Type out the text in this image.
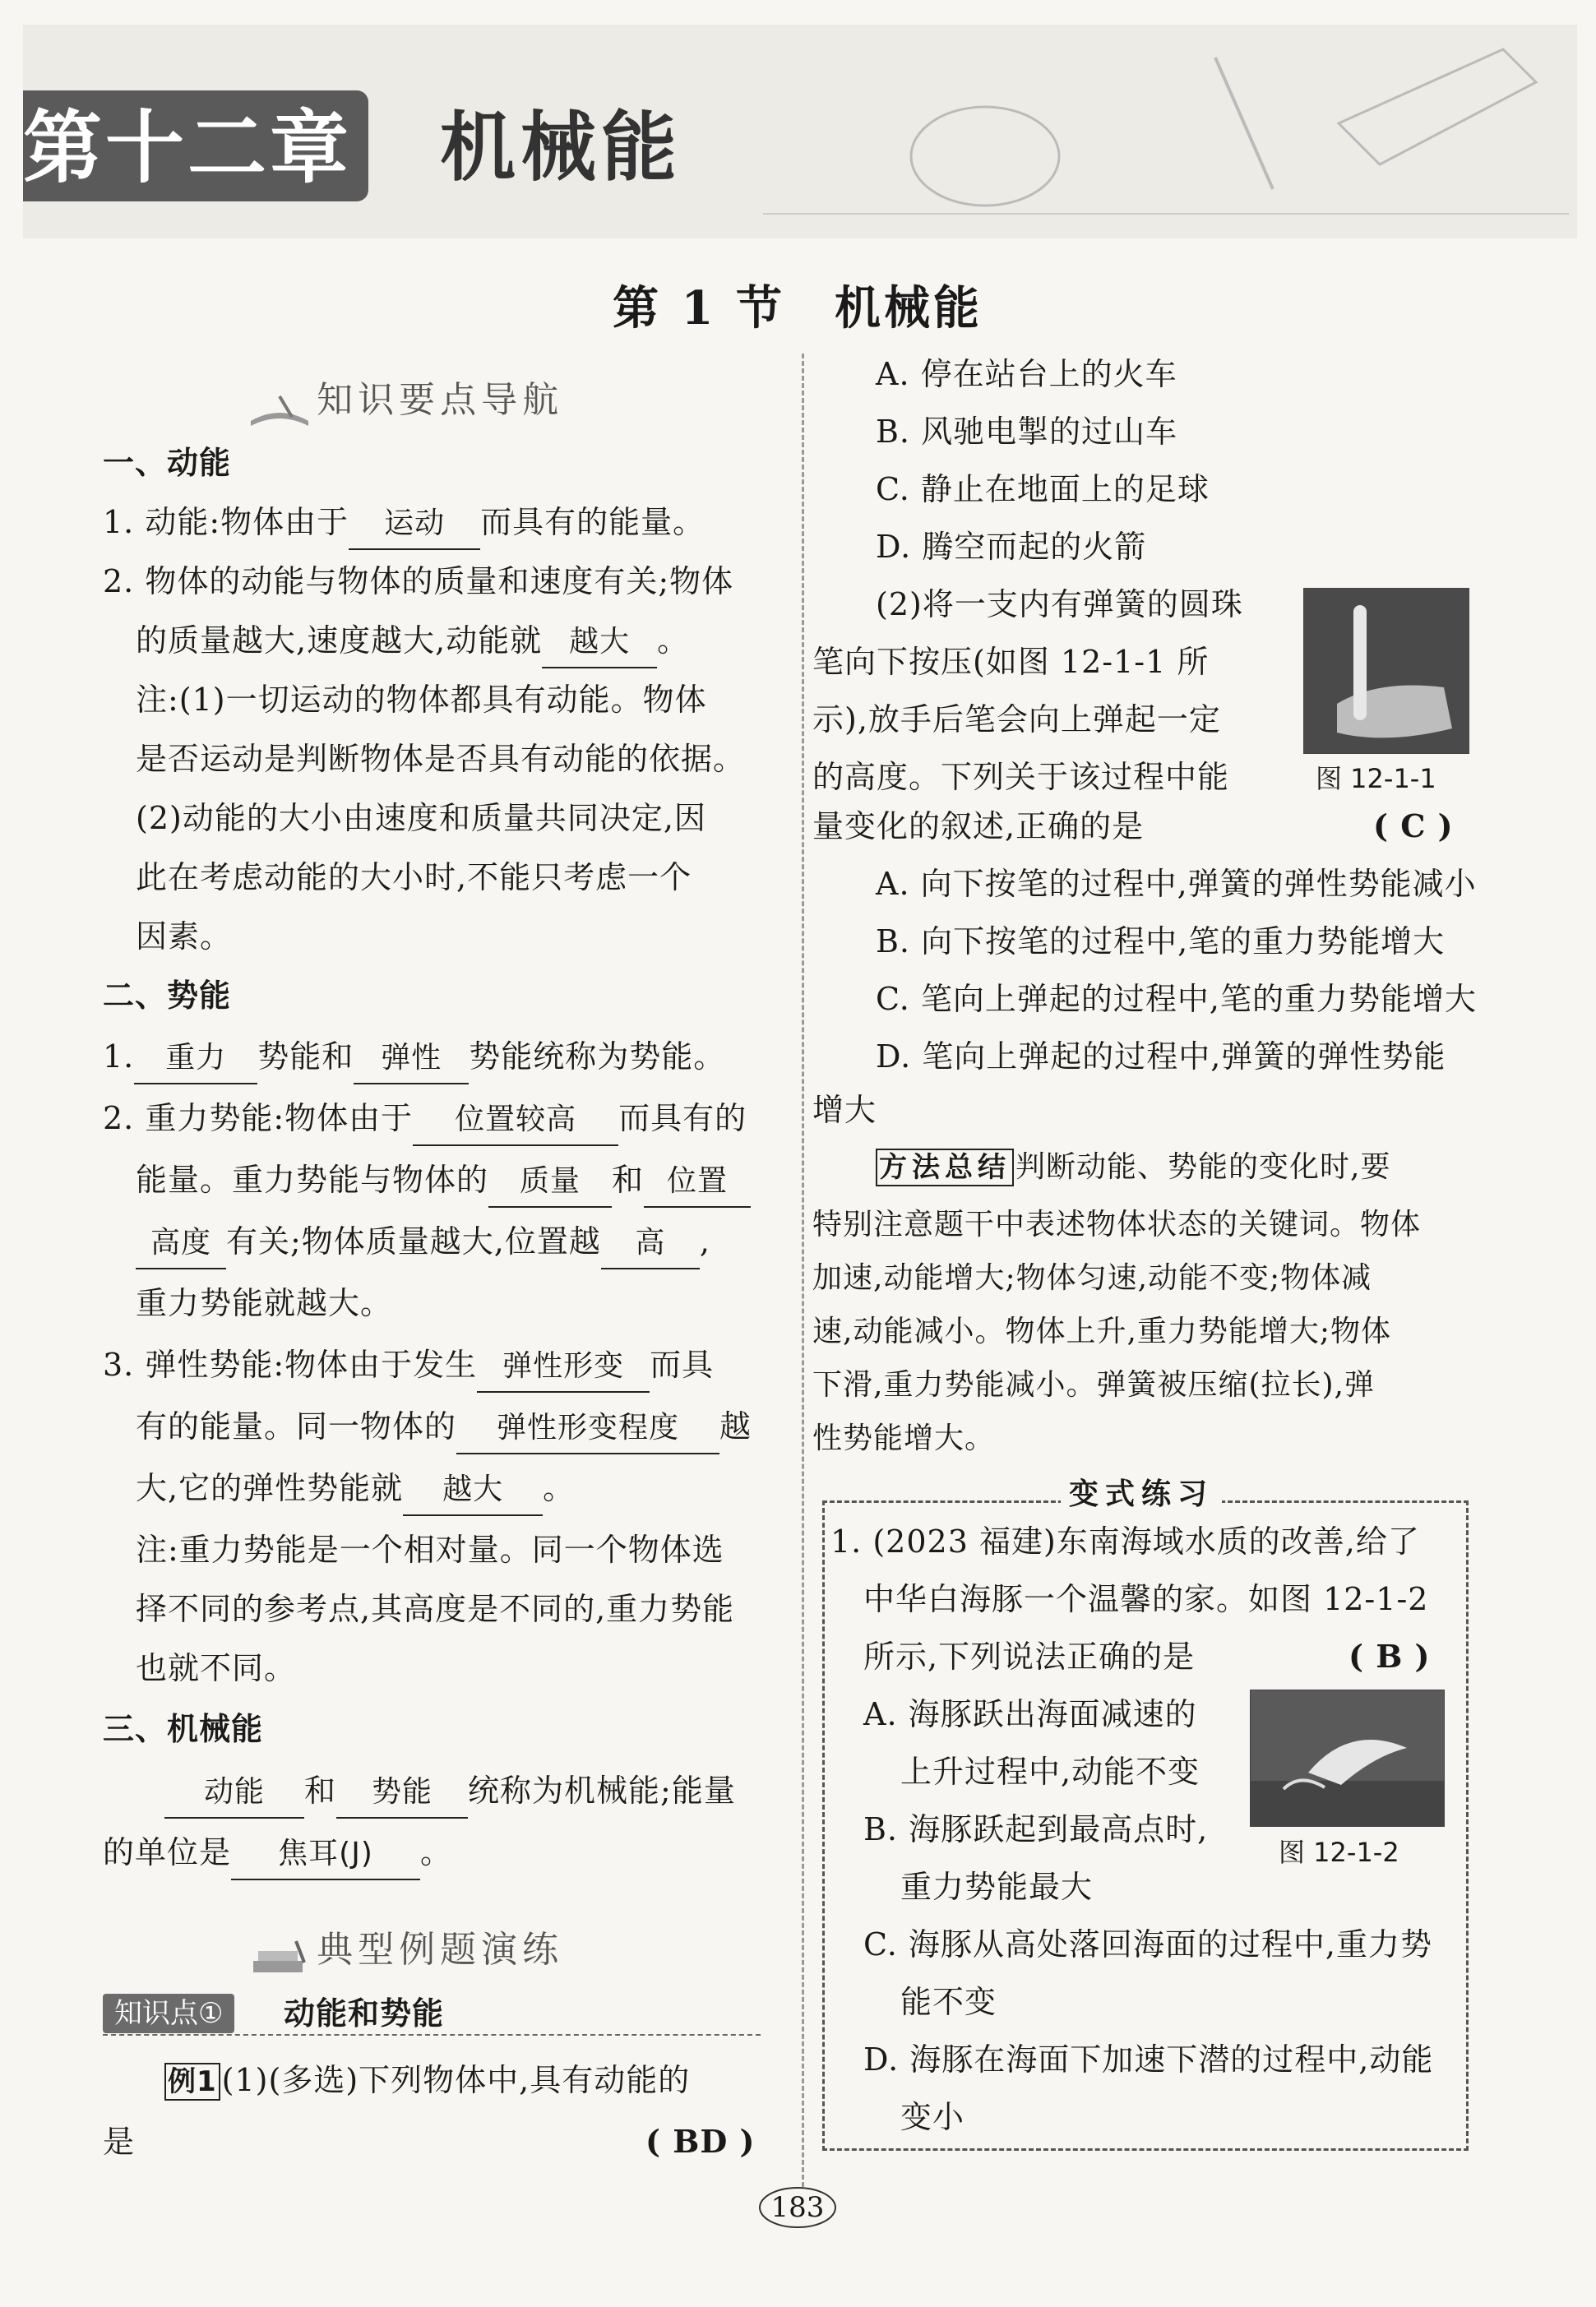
第十二章 机械能
第 1 节　机械能
知识要点导航
一、动能
1. 动能:物体由于 运动 而具有的能量。
2. 物体的动能与物体的质量和速度有关;物体
的质量越大,速度越大,动能就 越大 。
注:(1)一切运动的物体都具有动能。物体
是否运动是判断物体是否具有动能的依据。
(2)动能的大小由速度和质量共同决定,因
此在考虑动能的大小时,不能只考虑一个
因素。
二、势能
1. 重力 势能和 弹性 势能统称为势能。
2. 重力势能:物体由于 位置较高 而具有的
能量。重力势能与物体的 质量 和 位置
高度 有关;物体质量越大,位置越 高 ,
重力势能就越大。
3. 弹性势能:物体由于发生 弹性形变 而具
有的能量。同一物体的 弹性形变程度 越
大,它的弹性势能就 越大 。
注:重力势能是一个相对量。同一个物体选
择不同的参考点,其高度是不同的,重力势能
也就不同。
三、机械能
动能 和 势能 统称为机械能;能量
的单位是 焦耳(J) 。
典型例题演练
知识点①	动能和势能
例1 (1)(多选)下列物体中,具有动能的
是	( BD )
A. 停在站台上的火车
B. 风驰电掣的过山车
C. 静止在地面上的足球
D. 腾空而起的火箭
(2)将一支内有弹簧的圆珠
笔向下按压(如图 12-1-1 所
示),放手后笔会向上弹起一定
的高度。下列关于该过程中能
量变化的叙述,正确的是	( C )
图 12-1-1
A. 向下按笔的过程中,弹簧的弹性势能减小
B. 向下按笔的过程中,笔的重力势能增大
C. 笔向上弹起的过程中,笔的重力势能增大
D. 笔向上弹起的过程中,弹簧的弹性势能
增大
方法总结 判断动能、势能的变化时,要
特别注意题干中表述物体状态的关键词。物体
加速,动能增大;物体匀速,动能不变;物体减
速,动能减小。物体上升,重力势能增大;物体
下滑,重力势能减小。弹簧被压缩(拉长),弹
性势能增大。
变式练习
1. (2023 福建)东南海域水质的改善,给了
中华白海豚一个温馨的家。如图 12-1-2
所示,下列说法正确的是	( B )
图 12-1-2
A. 海豚跃出海面减速的
上升过程中,动能不变
B. 海豚跃起到最高点时,
重力势能最大
C. 海豚从高处落回海面的过程中,重力势
能不变
D. 海豚在海面下加速下潜的过程中,动能
变小
183
